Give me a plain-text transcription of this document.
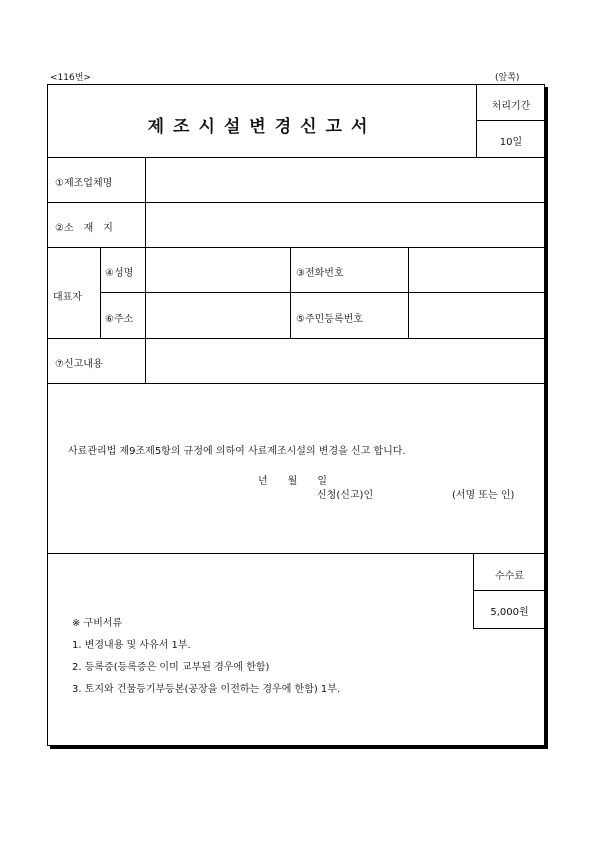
<116번>	(앞쪽)
제조시설변경신고서
처리기간
10일
①제조업체명
②소　재　지
대표자
④성명	③전화번호
⑥주소	⑤주민등록번호
⑦신고내용
사료관리법 제9조제5항의 규정에 의하여 사료제조시설의 변경을 신고 합니다.
년　　월　　일
신청(신고)인	(서명 또는 인)
수수료
5,000원
※ 구비서류
1. 변경내용 및 사유서 1부.
2. 등록증(등록증은 이미 교부된 경우에 한함)
3. 토지와 건물등기부등본(공장을 이전하는 경우에 한함) 1부.
